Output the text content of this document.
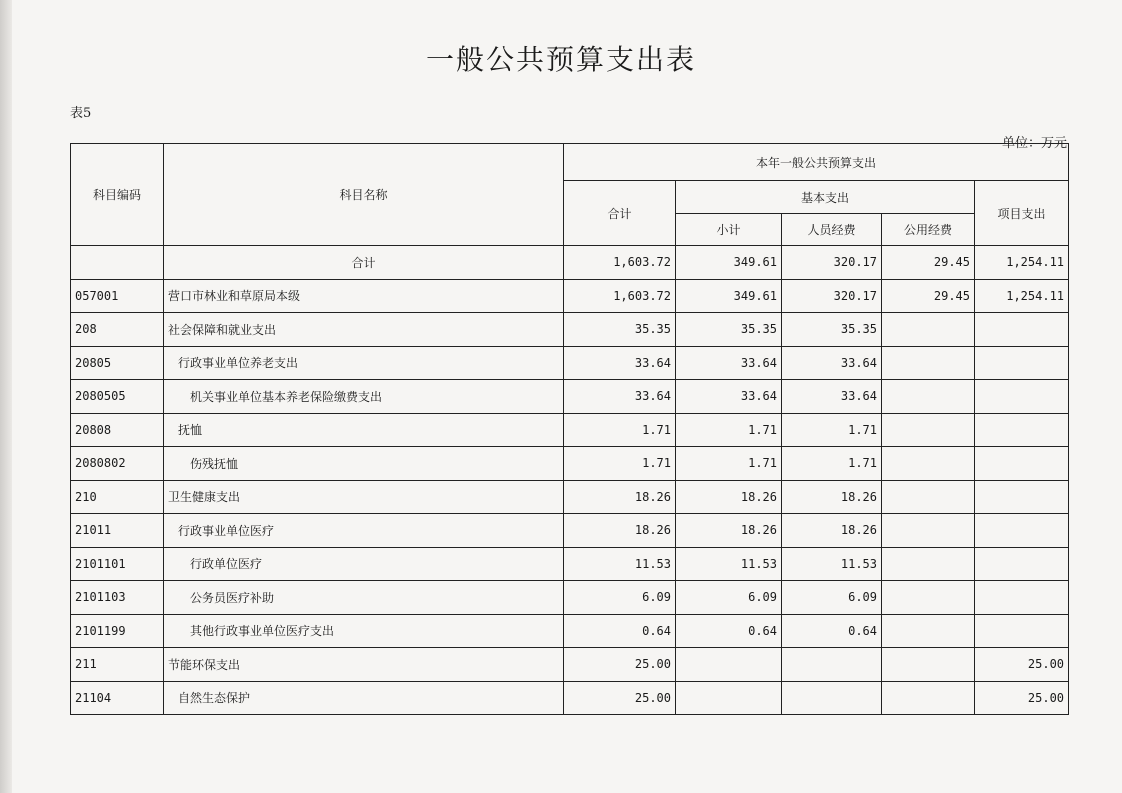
一般公共预算支出表
表5
单位：万元
科目编码	科目名称	本年一般公共预算支出				
		合计	基本支出			项目支出
			小计	人员经费	公用经费	
	合计	1,603.72	349.61	320.17	29.45	1,254.11
057001	营口市林业和草原局本级	1,603.72	349.61	320.17	29.45	1,254.11
208	社会保障和就业支出	35.35	35.35	35.35		
20805	行政事业单位养老支出	33.64	33.64	33.64		
2080505	机关事业单位基本养老保险缴费支出	33.64	33.64	33.64		
20808	抚恤	1.71	1.71	1.71		
2080802	伤残抚恤	1.71	1.71	1.71		
210	卫生健康支出	18.26	18.26	18.26		
21011	行政事业单位医疗	18.26	18.26	18.26		
2101101	行政单位医疗	11.53	11.53	11.53		
2101103	公务员医疗补助	6.09	6.09	6.09		
2101199	其他行政事业单位医疗支出	0.64	0.64	0.64		
211	节能环保支出	25.00				25.00
21104	自然生态保护	25.00				25.00
